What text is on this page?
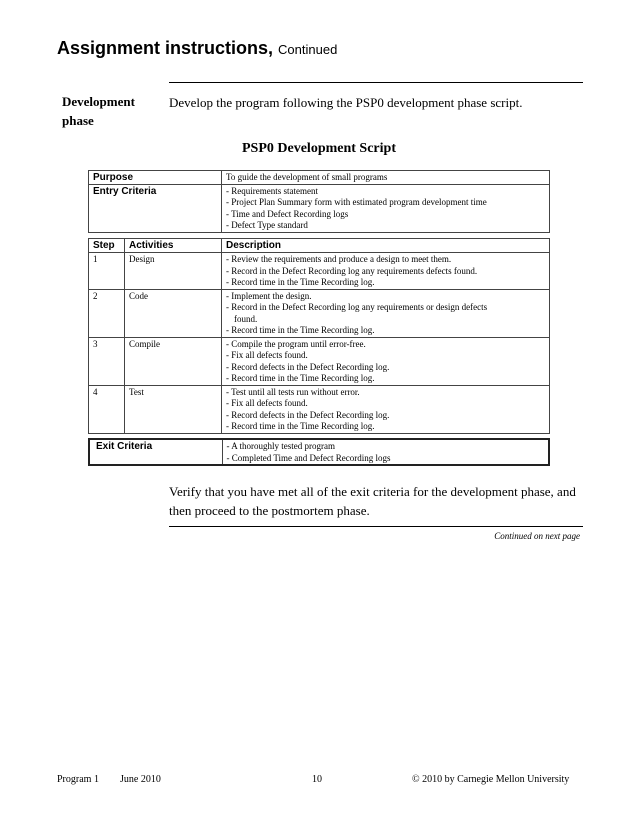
Assignment instructions, Continued
Development phase
Develop the program following the PSP0 development phase script.
PSP0 Development Script
Purpose	To guide the development of small programs
Entry Criteria	- Requirements statement
- Project Plan Summary form with estimated program development time
- Time and Defect Recording logs
- Defect Type standard
Step	Activities	Description
1	Design	- Review the requirements and produce a design to meet them.
- Record in the Defect Recording log any requirements defects found.
- Record time in the Time Recording log.

2	Code	- Implement the design.
- Record in the Defect Recording log any requirements or design defects
found.
- Record time in the Time Recording log.

3	Compile	- Compile the program until error-free.
- Fix all defects found.
- Record defects in the Defect Recording log.
- Record time in the Time Recording log.

4	Test	- Test until all tests run without error.
- Fix all defects found.
- Record defects in the Defect Recording log.
- Record time in the Time Recording log.
Exit Criteria	- A thoroughly tested program
- Completed Time and Defect Recording logs
Verify that you have met all of the exit criteria for the development phase, and then proceed to the postmortem phase.
Continued on next page
Program 1 June 2010	10	© 2010 by Carnegie Mellon University
